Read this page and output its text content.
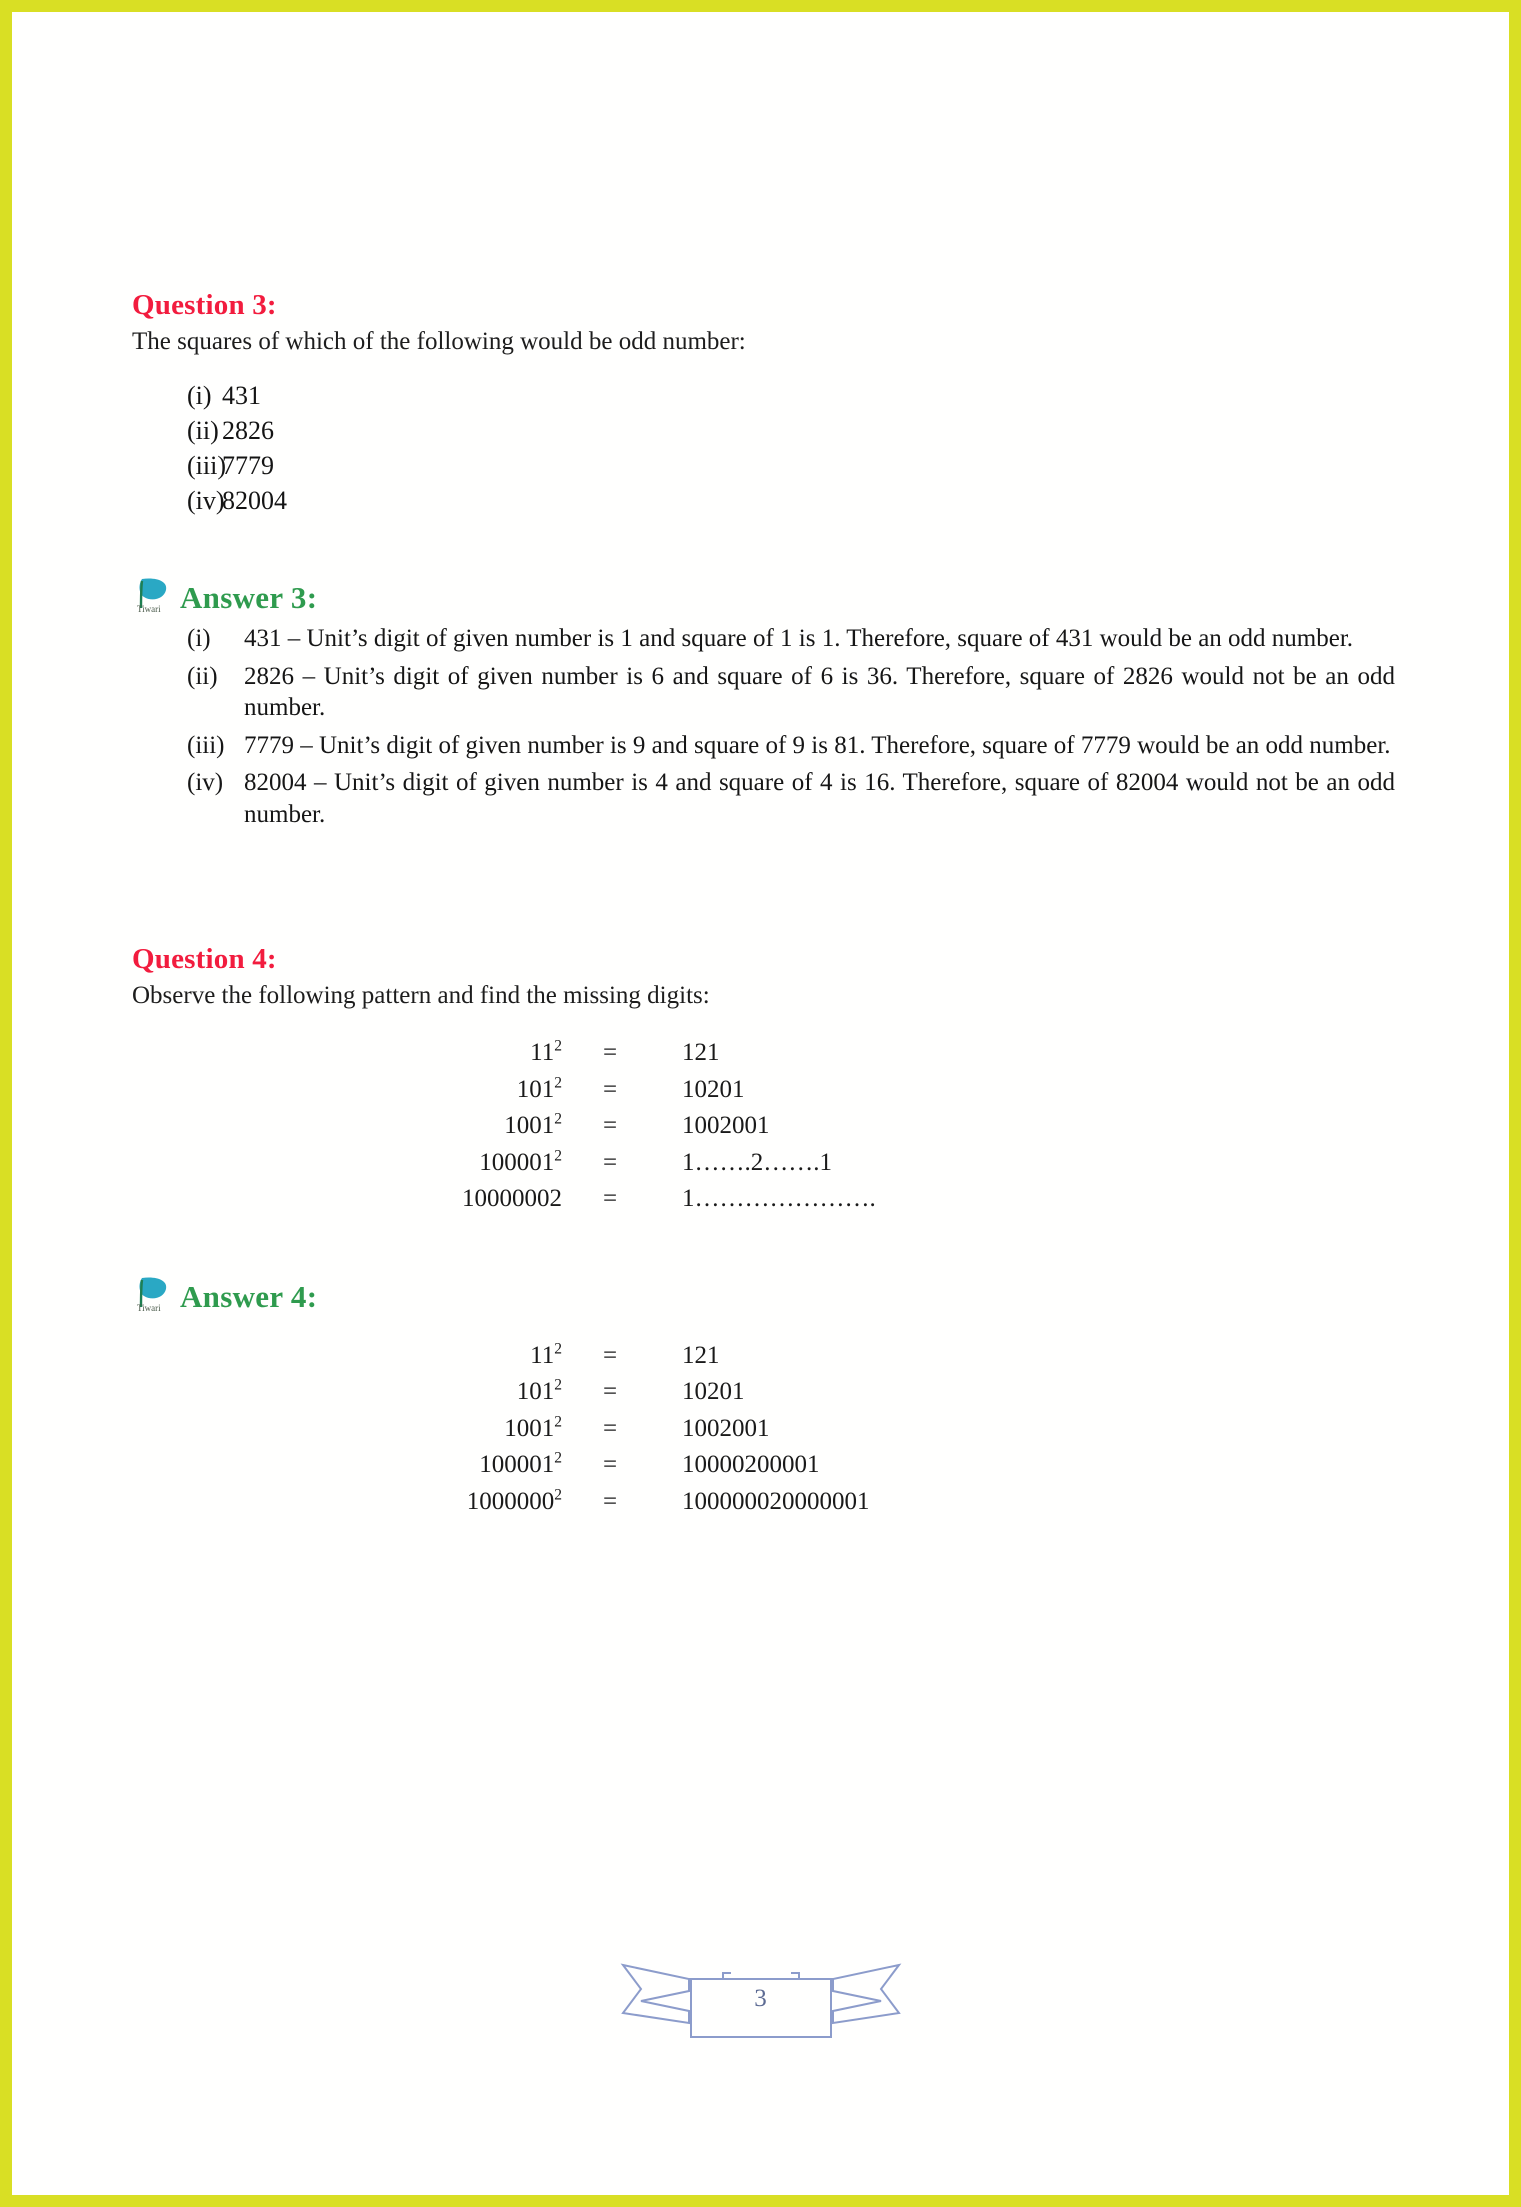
Question 3:

The squares of which of the following would be odd number:

(i) 431
(ii) 2826
(iii)
7779
(iv)
82004
Tiwari Answer 3:
(i)	431 – Unit’s digit of given number is 1 and square of 1 is 1. Therefore, square of 431 would be an odd number.
(ii)	2826 – Unit’s digit of given number is 6 and square of 6 is 36. Therefore, square of 2826 would not be an odd number.
(iii) 7779 – Unit’s digit of given number is 9 and square of 9 is 81. Therefore, square of 7779 would be an odd number.
(iv) 82004 – Unit’s digit of given number is 4 and square of 4 is 16. Therefore, square of 82004 would not be an odd number.
Question 4:

Observe the following pattern and find the missing digits:

$11^2$	=	121
$101^2$	=	10201
$1001^2$	=	1002001
$100001^2$	=	1…….2…….1
10000002	=	1………………….
Tiwari Answer 4:
$11^2$	=	121
$101^2$	=	10201
$1001^2$	=	1002001
$100001^2$	=	10000200001
$1000000^2$	=	100000020000001
3
